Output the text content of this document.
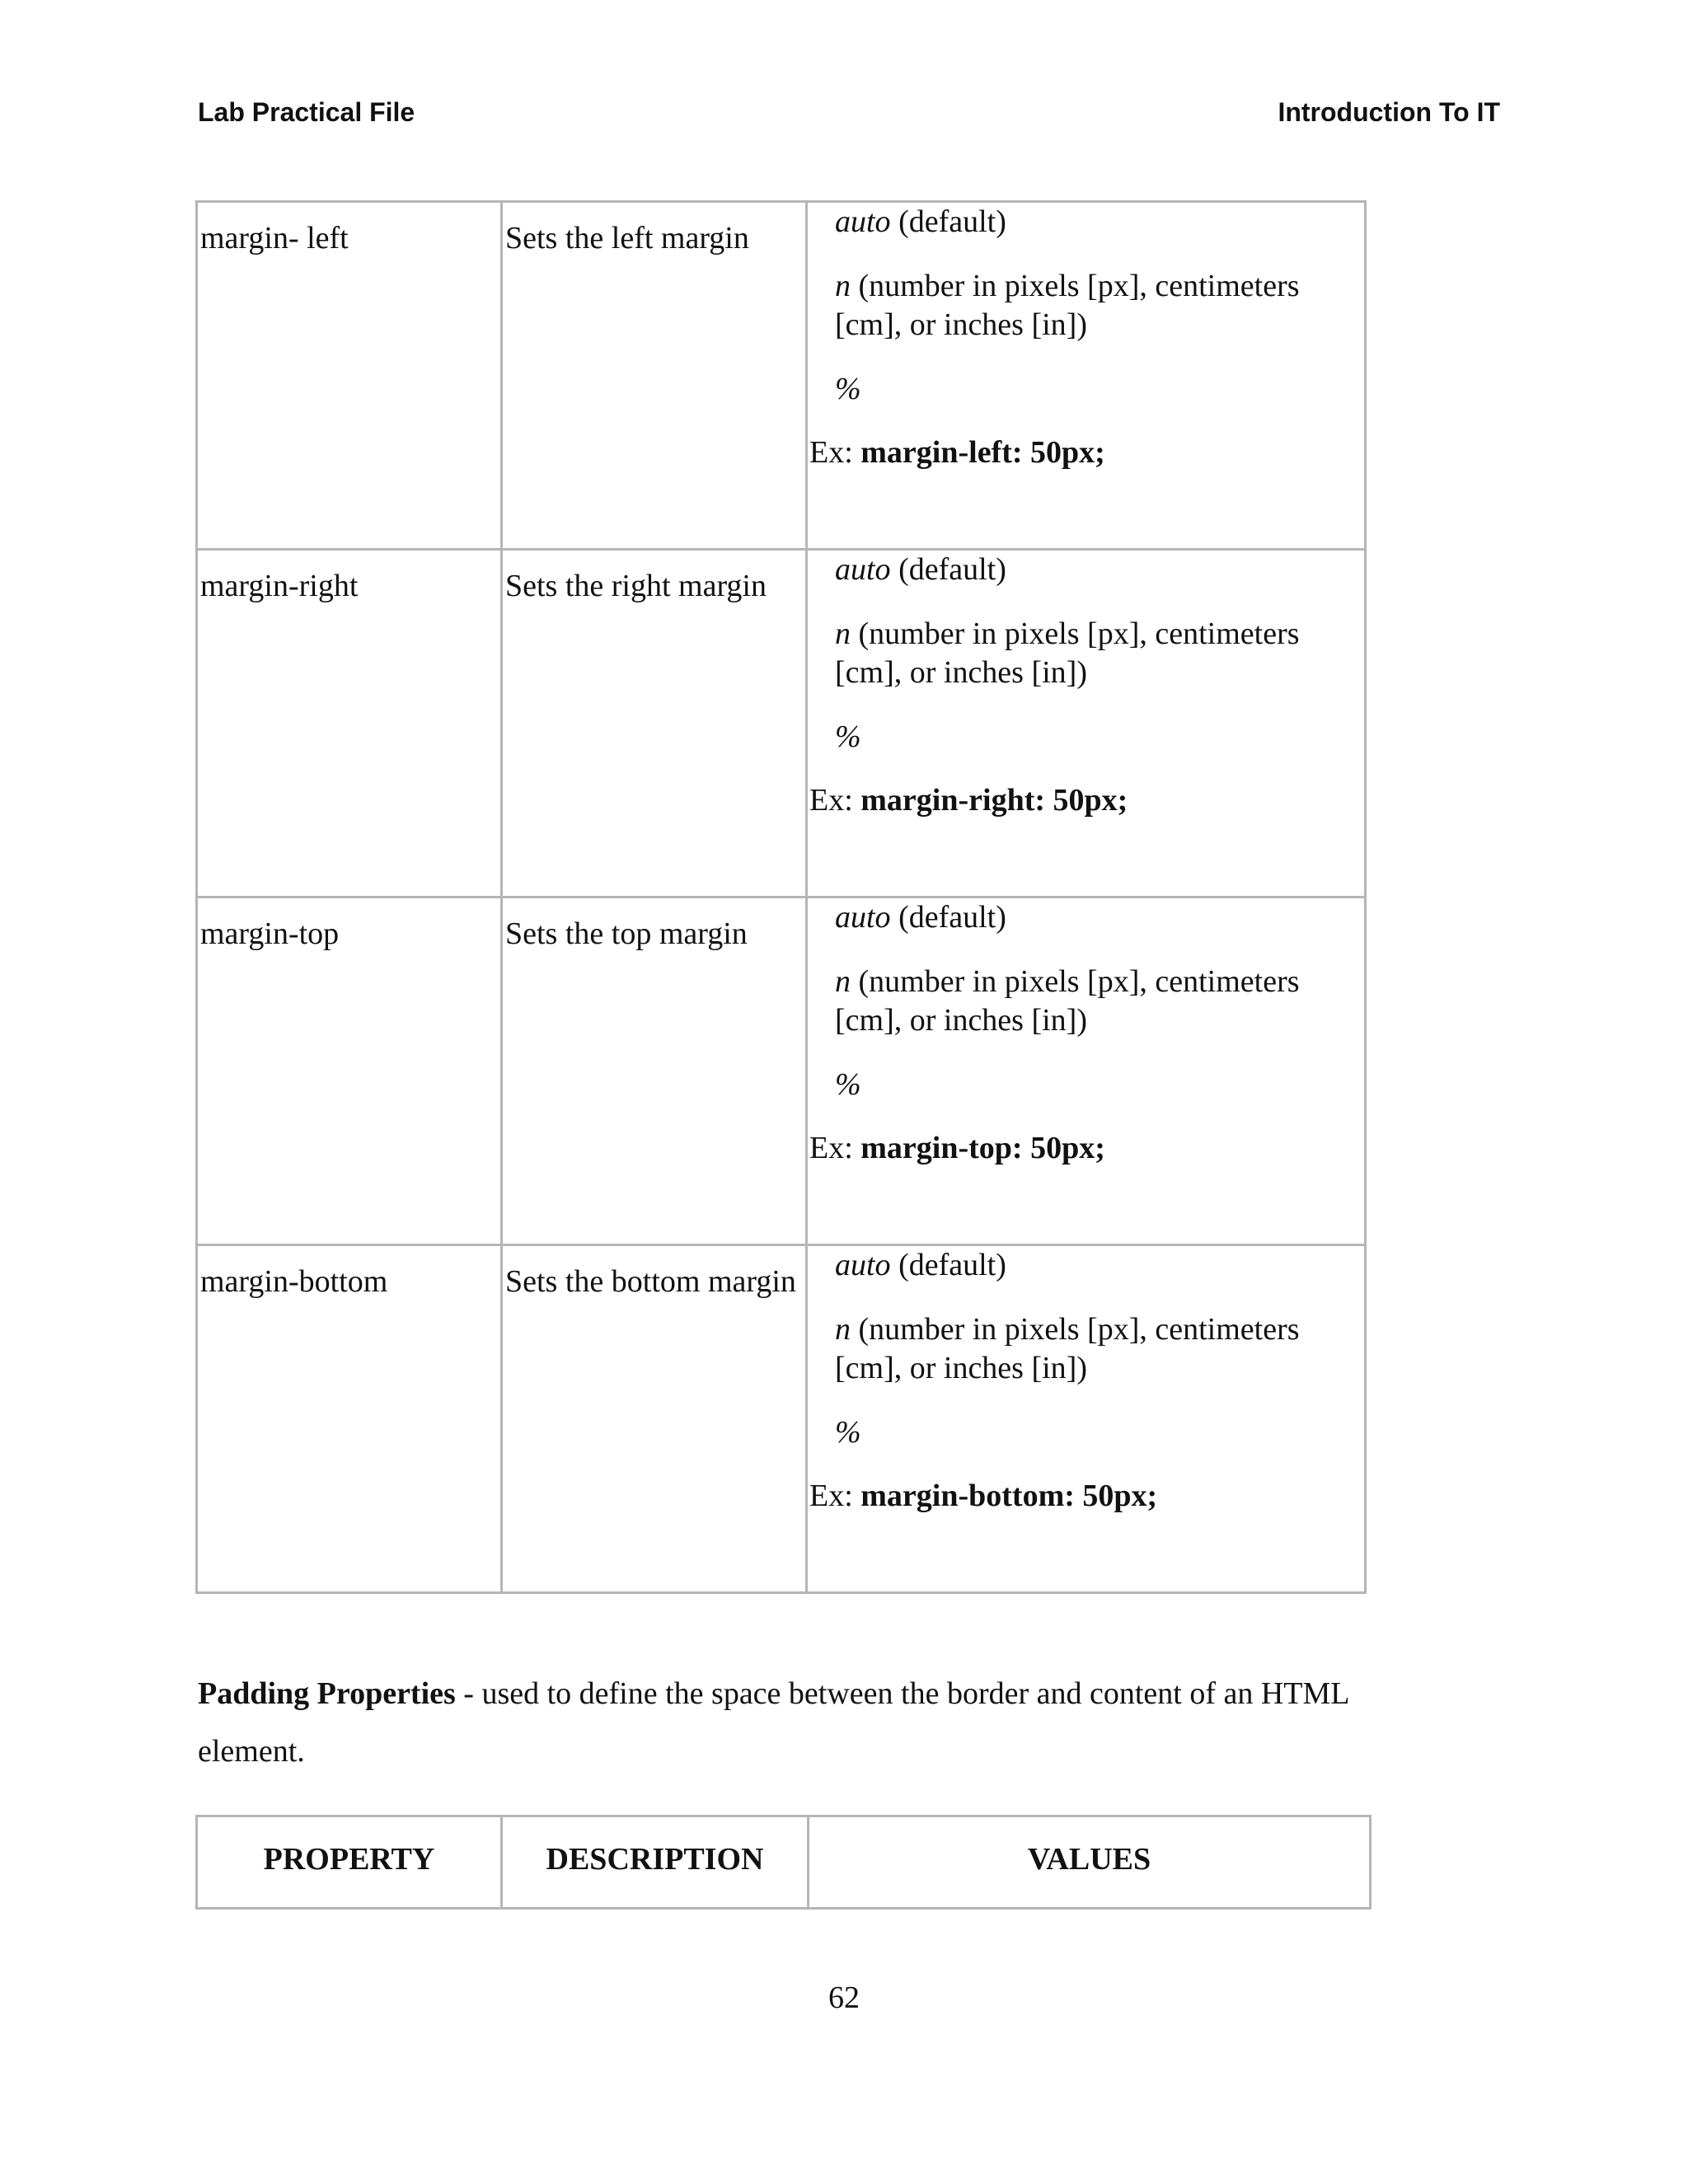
Lab Practical File	Introduction To IT
margin- left	Sets the left margin	auto (default)
n (number in pixels [px], centimeters [cm], or inches [in])
%
Ex: margin-left: 50px;

margin-right	Sets the right margin	auto (default)
n (number in pixels [px], centimeters [cm], or inches [in])
%
Ex: margin-right: 50px;

margin-top	Sets the top margin	auto (default)
n (number in pixels [px], centimeters [cm], or inches [in])
%
Ex: margin-top: 50px;

margin-bottom	Sets the bottom margin	auto (default)
n (number in pixels [px], centimeters [cm], or inches [in])
%
Ex: margin-bottom: 50px;
Padding Properties - used to define the space between the border and content of an HTML element.
PROPERTY	DESCRIPTION	VALUES
62
